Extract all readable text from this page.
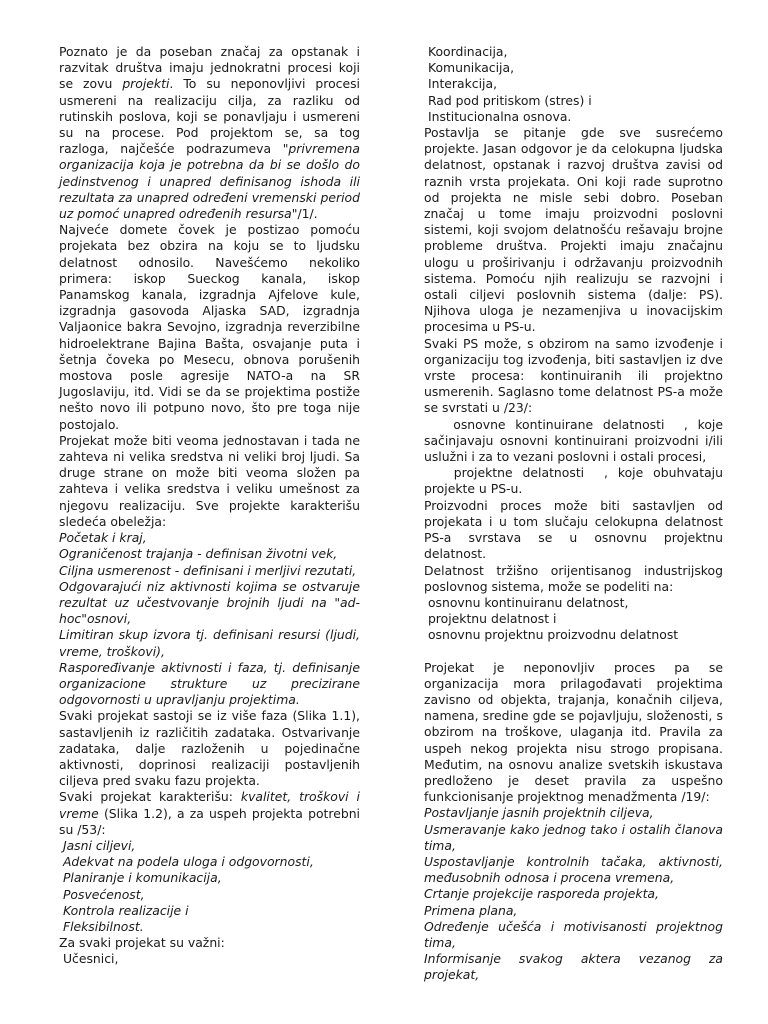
Poznato je da poseban značaj za opstanak i razvitak društva imaju jednokratni procesi koji se zovu projekti. To su neponovljivi procesi usmereni na realizaciju cilja, za razliku od rutinskih poslova, koji se ponavljaju i usmereni su na procese. Pod projektom se, sa tog razloga, najčešće podrazumeva "privremena organizacija koja je potrebna da bi se došlo do jedinstvenog i unapred definisanog ishoda ili rezultata za unapred određeni vremenski period uz pomoć unapred određenih resursa"/1/.

Najveće domete čovek je postizao pomoću projekata bez obzira na koju se to ljudsku delatnost odnosilo. Navešćemo nekoliko primera: iskop Sueckog kanala, iskop Panamskog kanala, izgradnja Ajfelove kule, izgradnja gasovoda Aljaska SAD, izgradnja Valjaonice bakra Sevojno, izgradnja reverzibilne hidroelektrane Bajina Bašta, osvajanje puta i šetnja čoveka po Mesecu, obnova porušenih mostova posle agresije NATO-a na SR Jugoslaviju, itd. Vidi se da se projektima postiže nešto novo ili potpuno novo, što pre toga nije postojalo.

Projekat može biti veoma jednostavan i tada ne zahteva ni velika sredstva ni veliki broj ljudi. Sa druge strane on može biti veoma složen pa zahteva i velika sredstva i veliku umešnost za njegovu realizaciju. Sve projekte karakterišu sledeća obeležja:

Početak i kraj,

Ograničenost trajanja - definisan životni vek,

Ciljna usmerenost - definisani i merljivi rezutati,

Odgovarajući niz aktivnosti kojima se ostvaruje rezultat uz učestvovanje brojnih ljudi na "ad-hoc"osnovi,

Limitiran skup izvora tj. definisani resursi (ljudi, vreme, troškovi),

Raspoređivanje aktivnosti i faza, tj. definisanje organizacione strukture uz precizirane odgovornosti u upravljanju projektima.

Svaki projekat sastoji se iz više faza (Slika 1.1), sastavljenih iz različitih zadataka. Ostvarivanje zadataka, dalje razloženih u pojedinačne aktivnosti, doprinosi realizaciji postavljenih ciljeva pred svaku fazu projekta.

Svaki projekat karakterišu: kvalitet, troškovi i vreme (Slika 1.2), a za uspeh projekta potrebni su /53/:

Jasni ciljevi,

Adekvat na podela uloga i odgovornosti,

Planiranje i komunikacija,

Posvećenost,

Kontrola realizacije i

Fleksibilnost.

Za svaki projekat su važni:

Učesnici,

Koordinacija,

Komunikacija,

Interakcija,

Rad pod pritiskom (stres) i

Institucionalna osnova.

Postavlja se pitanje gde sve susrećemo projekte. Jasan odgovor je da celokupna ljudska delatnost, opstanak i razvoj društva zavisi od raznih vrsta projekata. Oni koji rade suprotno od projekta ne misle sebi dobro. Poseban značaj u tome imaju proizvodni poslovni sistemi, koji svojom delatnošću rešavaju brojne probleme društva. Projekti imaju značajnu ulogu u proširivanju i održavanju proizvodnih sistema. Pomoću njih realizuju se razvojni i ostali ciljevi poslovnih sistema (dalje: PS). Njihova uloga je nezamenjiva u inovacijskim procesima u PS-u.

Svaki PS može, s obzirom na samo izvođenje i organizaciju tog izvođenja, biti sastavljen iz dve vrste procesa: kontinuiranih ili projektno usmerenih. Saglasno tome delatnost PS-a može se svrstati u /23/:

osnovne kontinuirane delatnosti  , koje sačinjavaju osnovni kontinuirani proizvodni i/ili uslužni i za to vezani poslovni i ostali procesi,

projektne delatnosti  , koje obuhvataju projekte u PS-u.

Proizvodni proces može biti sastavljen od projekata i u tom slučaju celokupna delatnost PS-a svrstava se u osnovnu projektnu delatnost.

Delatnost tržišno orijentisanog industrijskog poslovnog sistema, može se podeliti na:

osnovnu kontinuiranu delatnost,

projektnu delatnost i

osnovnu projektnu proizvodnu delatnost

Projekat je neponovljiv proces pa se organizacija mora prilagođavati projektima zavisno od objekta, trajanja, konačnih ciljeva, namena, sredine gde se pojavljuju, složenosti, s obzirom na troškove, ulaganja itd. Pravila za uspeh nekog projekta nisu strogo propisana. Međutim, na osnovu analize svetskih iskustava predloženo je deset pravila za uspešno funkcionisanje projektnog menadžmenta /19/:

Postavljanje jasnih projektnih ciljeva,

Usmeravanje kako jednog tako i ostalih članova tima,

Uspostavljanje kontrolnih tačaka, aktivnosti, međusobnih odnosa i procena vremena,

Crtanje projekcije rasporeda projekta,

Primena plana,

Određenje učešća i motivisanosti projektnog tima,

Informisanje svakog aktera vezanog za projekat,
